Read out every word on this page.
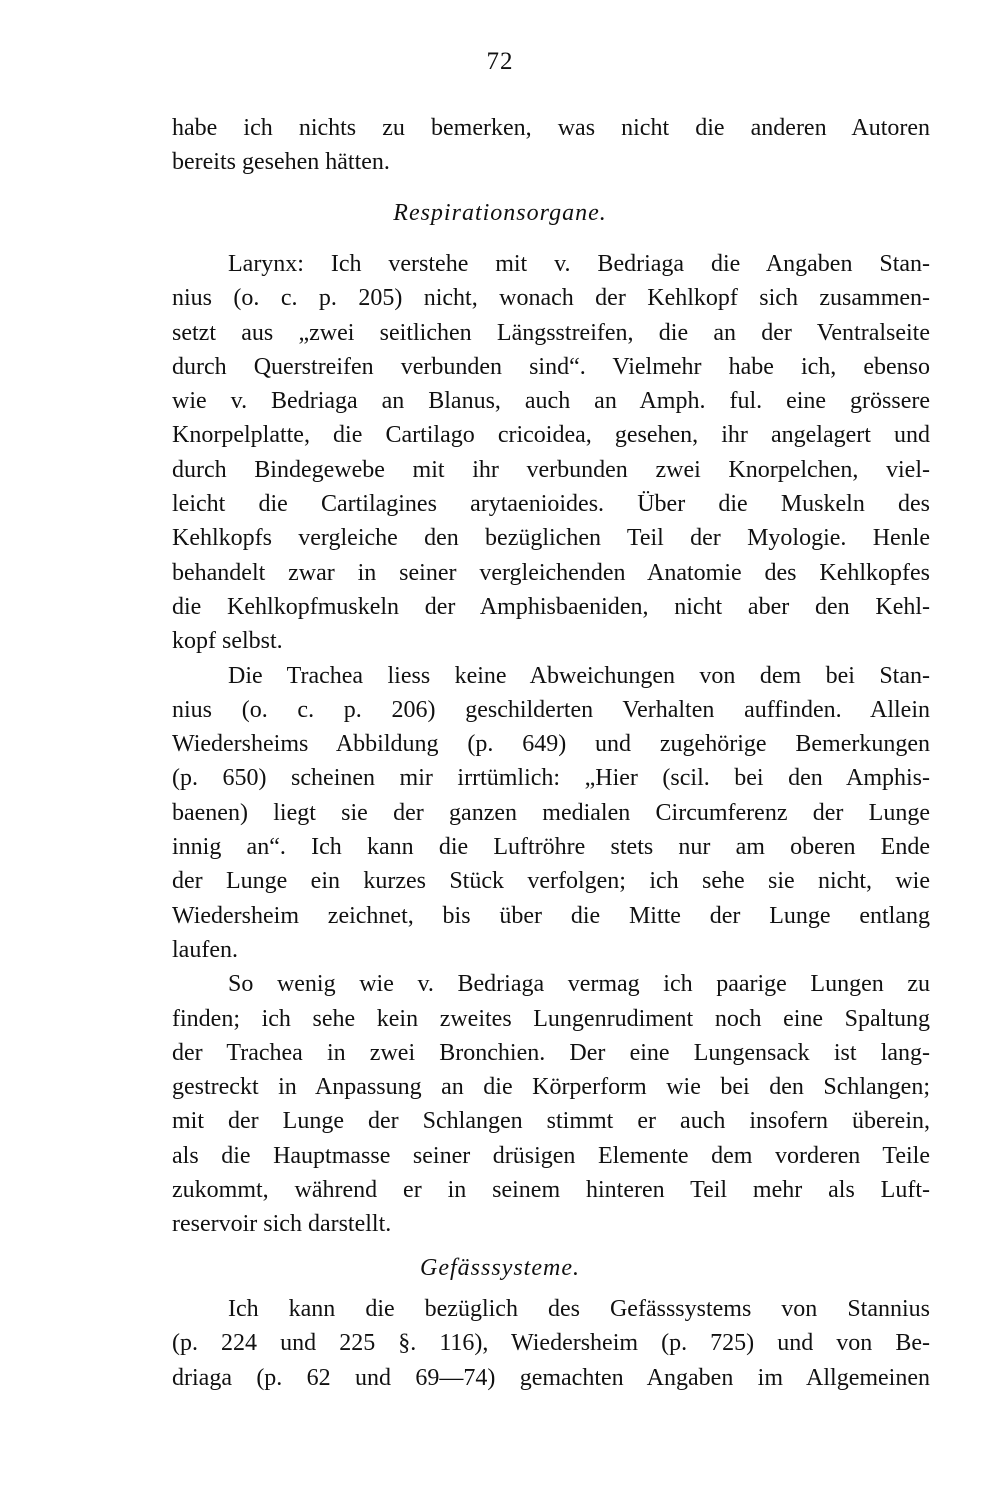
72
habe ich nichts zu bemerken, was nicht die anderen Autoren
bereits gesehen hätten.
Respirationsorgane.
Larynx: Ich verstehe mit v. Bedriaga die Angaben Stan-
nius (o. c. p. 205) nicht, wonach der Kehlkopf sich zusammen-
setzt aus „zwei seitlichen Längsstreifen, die an der Ventralseite
durch Querstreifen verbunden sind“. Vielmehr habe ich, ebenso
wie v. Bedriaga an Blanus, auch an Amph. ful. eine grössere
Knorpelplatte, die Cartilago cricoidea, gesehen, ihr angelagert und
durch Bindegewebe mit ihr verbunden zwei Knorpelchen, viel-
leicht die Cartilagines arytaenioides. Über die Muskeln des
Kehlkopfs vergleiche den bezüglichen Teil der Myologie. Henle
behandelt zwar in seiner vergleichenden Anatomie des Kehlkopfes
die Kehlkopfmuskeln der Amphisbaeniden, nicht aber den Kehl-
kopf selbst.
Die Trachea liess keine Abweichungen von dem bei Stan-
nius (o. c. p. 206) geschilderten Verhalten auffinden. Allein
Wiedersheims Abbildung (p. 649) und zugehörige Bemerkungen
(p. 650) scheinen mir irrtümlich: „Hier (scil. bei den Amphis-
baenen) liegt sie der ganzen medialen Circumferenz der Lunge
innig an“. Ich kann die Luftröhre stets nur am oberen Ende
der Lunge ein kurzes Stück verfolgen; ich sehe sie nicht, wie
Wiedersheim zeichnet, bis über die Mitte der Lunge entlang
laufen.
So wenig wie v. Bedriaga vermag ich paarige Lungen zu
finden; ich sehe kein zweites Lungenrudiment noch eine Spaltung
der Trachea in zwei Bronchien. Der eine Lungensack ist lang-
gestreckt in Anpassung an die Körperform wie bei den Schlangen;
mit der Lunge der Schlangen stimmt er auch insofern überein,
als die Hauptmasse seiner drüsigen Elemente dem vorderen Teile
zukommt, während er in seinem hinteren Teil mehr als Luft-
reservoir sich darstellt.
Gefässsysteme.
Ich kann die bezüglich des Gefässsystems von Stannius
(p. 224 und 225 §. 116), Wiedersheim (p. 725) und von Be-
driaga (p. 62 und 69—74) gemachten Angaben im Allgemeinen
